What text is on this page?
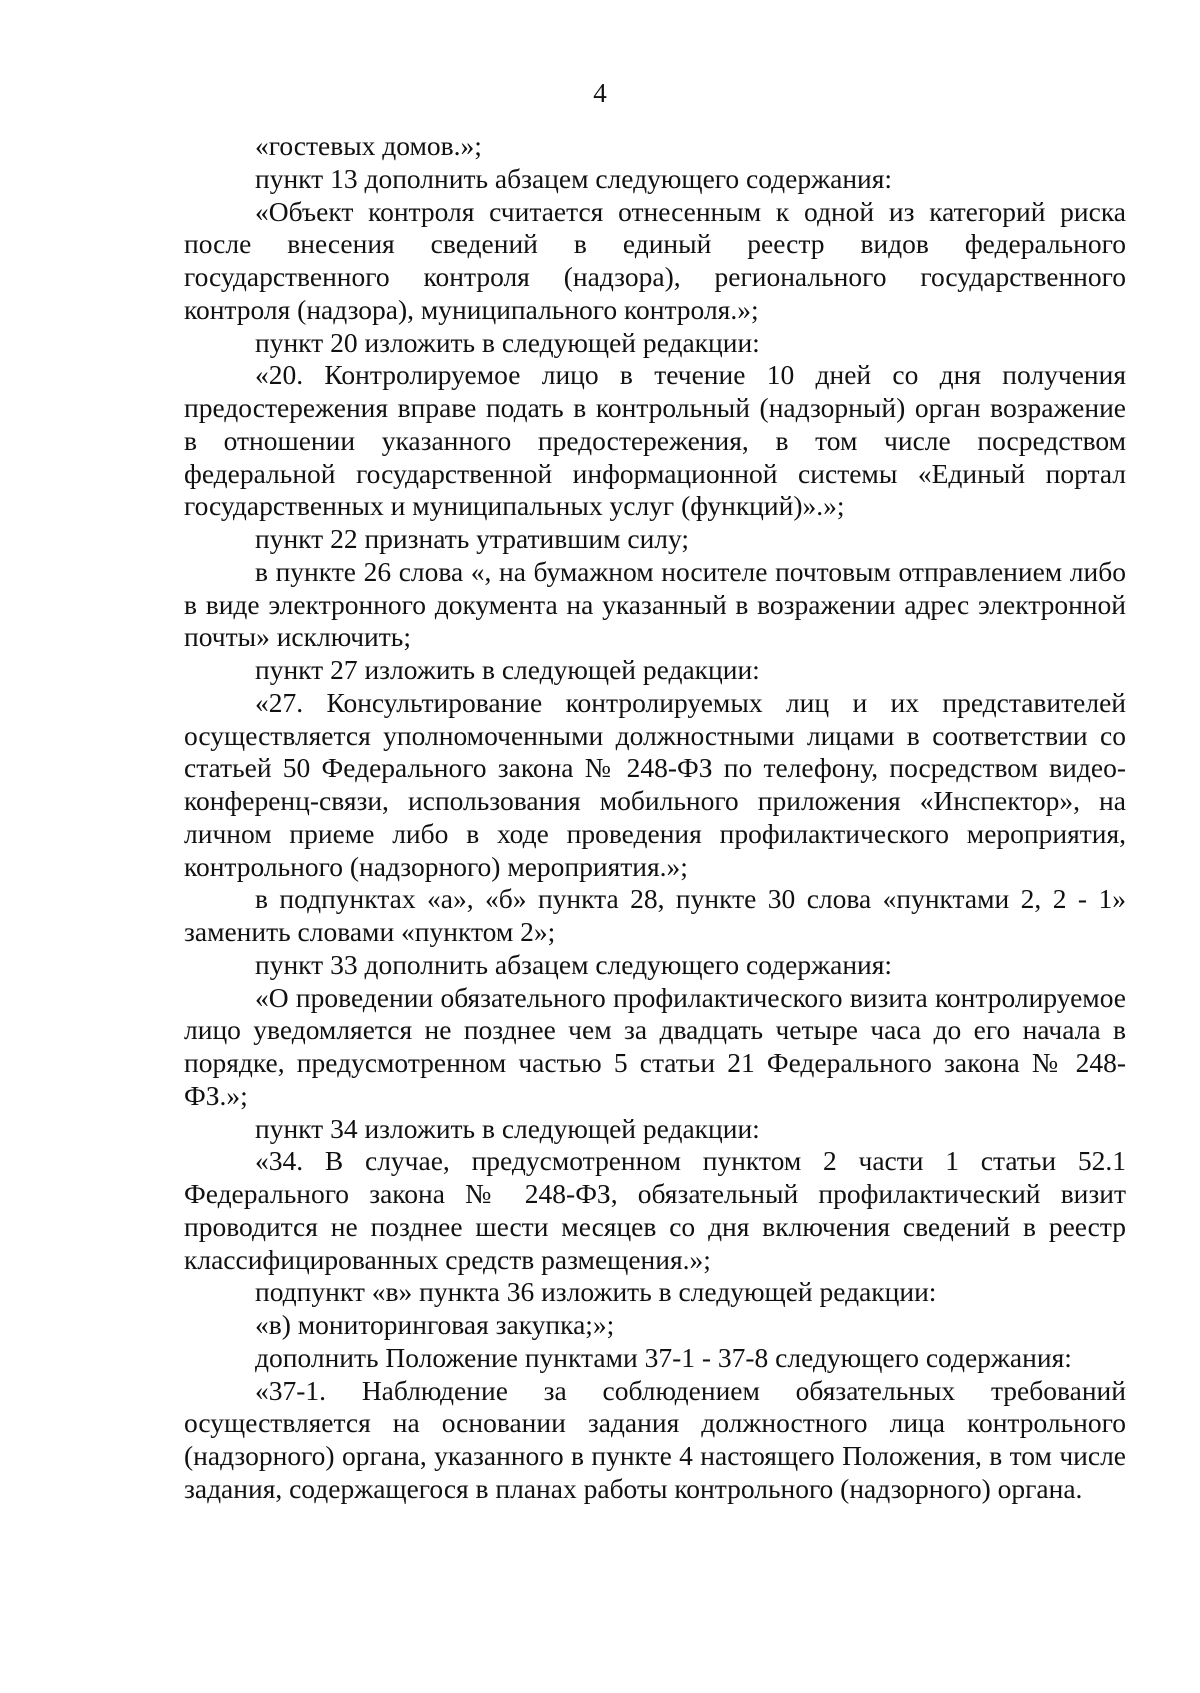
4

«гостевых домов.»;

пункт 13 дополнить абзацем следующего содержания:

«Объект контроля считается отнесенным к одной из категорий риска после внесения сведений в единый реестр видов федерального государственного контроля (надзора), регионального государственного контроля (надзора), муниципального контроля.»;

пункт 20 изложить в следующей редакции:

«20. Контролируемое лицо в течение 10 дней со дня получения предостережения вправе подать в контрольный (надзорный) орган возражение в отношении указанного предостережения, в том числе посредством федеральной государственной информационной системы «Единый портал государственных и муниципальных услуг (функций)».»;

пункт 22 признать утратившим силу;

в пункте 26 слова «, на бумажном носителе почтовым отправлением либо в виде электронного документа на указанный в возражении адрес электронной почты» исключить;

пункт 27 изложить в следующей редакции:

«27. Консультирование контролируемых лиц и их представителей осуществляется уполномоченными должностными лицами в соответствии со статьей 50 Федерального закона № 248-ФЗ по телефону, посредством видео-конференц-связи, использования мобильного приложения «Инспектор», на личном приеме либо в ходе проведения профилактического мероприятия, контрольного (надзорного) мероприятия.»;

в подпунктах «а», «б» пункта 28, пункте 30 слова «пунктами 2, 2 - 1» заменить словами «пунктом 2»;

пункт 33 дополнить абзацем следующего содержания:

«О проведении обязательного профилактического визита контролируемое лицо уведомляется не позднее чем за двадцать четыре часа до его начала в порядке, предусмотренном частью 5 статьи 21 Федерального закона № 248-ФЗ.»;

пункт 34 изложить в следующей редакции:

«34. В случае, предусмотренном пунктом 2 части 1 статьи 52.1 Федерального закона № 248-ФЗ, обязательный профилактический визит проводится не позднее шести месяцев со дня включения сведений в реестр классифицированных средств размещения.»;

подпункт «в» пункта 36 изложить в следующей редакции:

«в) мониторинговая закупка;»;

дополнить Положение пунктами 37-1 - 37-8 следующего содержания:

«37-1. Наблюдение за соблюдением обязательных требований осуществляется на основании задания должностного лица контрольного (надзорного) органа, указанного в пункте 4 настоящего Положения, в том числе задания, содержащегося в планах работы контрольного (надзорного) органа.
